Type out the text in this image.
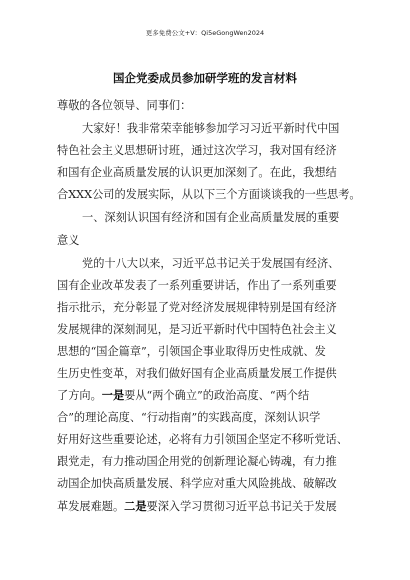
更多免费公文+V：Qi5eGongWen2024
国企党委成员参加研学班的发言材料
尊敬的各位领导、同事们：
大家好！我非常荣幸能够参加学习习近平新时代中国
特色社会主义思想研讨班，通过这次学习，我对国有经济
和国有企业高质量发展的认识更加深刻了。在此，我想结
合XXX公司的发展实际，从以下三个方面谈谈我的一些思考。
一、深刻认识国有经济和国有企业高质量发展的重要
意义
党的十八大以来，习近平总书记关于发展国有经济、
国有企业改革发表了一系列重要讲话，作出了一系列重要
指示批示，充分彰显了党对经济发展规律特别是国有经济
发展规律的深刻洞见，是习近平新时代中国特色社会主义
思想的“国企篇章”，引领国企事业取得历史性成就、发
生历史性变革，对我们做好国有企业高质量发展工作提供
了方向。一是要从“两个确立”的政治高度、“两个结
合”的理论高度、“行动指南”的实践高度，深刻认识学
好用好这些重要论述，必将有力引领国企坚定不移听党话、
跟党走，有力推动国企用党的创新理论凝心铸魂，有力推
动国企加快高质量发展、科学应对重大风险挑战、破解改
革发展难题。二是要深入学习贯彻习近平总书记关于发展
